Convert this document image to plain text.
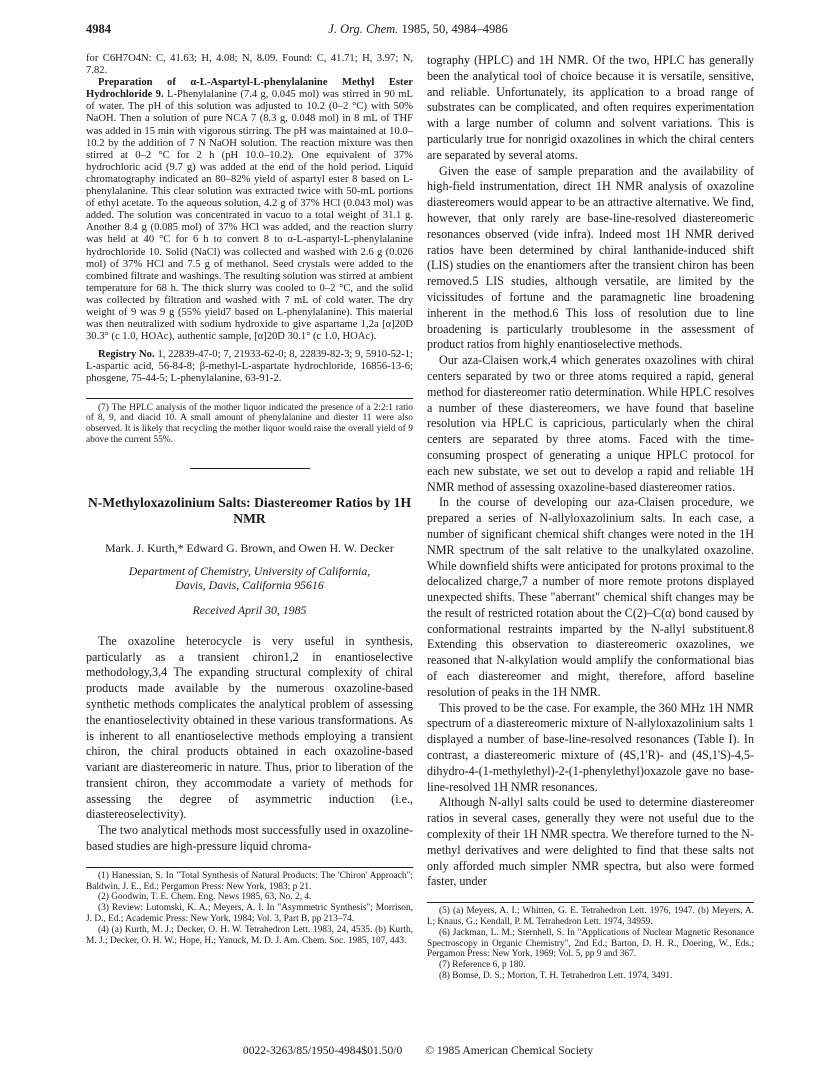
4984	J. Org. Chem. 1985, 50, 4984–4986

for C6H7O4N: C, 41.63; H, 4.08; N, 8.09. Found: C, 41.71; H, 3.97; N, 7.82.

Preparation of α-L-Aspartyl-L-phenylalanine Methyl Ester Hydrochloride 9. L-Phenylalanine (7.4 g, 0.045 mol) was stirred in 90 mL of water. The pH of this solution was adjusted to 10.2 (0–2 °C) with 50% NaOH. Then a solution of pure NCA 7 (8.3 g, 0.048 mol) in 8 mL of THF was added in 15 min with vigorous stirring. The pH was maintained at 10.0–10.2 by the addition of 7 N NaOH solution. The reaction mixture was then stirred at 0–2 °C for 2 h (pH 10.0–10.2). One equivalent of 37% hydrochloric acid (9.7 g) was added at the end of the hold period. Liquid chromatography indicated an 80–82% yield of aspartyl ester 8 based on L-phenylalanine. This clear solution was extracted twice with 50-mL portions of ethyl acetate. To the aqueous solution, 4.2 g of 37% HCl (0.043 mol) was added. The solution was concentrated in vacuo to a total weight of 31.1 g. Another 8.4 g (0.085 mol) of 37% HCl was added, and the reaction slurry was held at 40 °C for 6 h to convert 8 to α-L-aspartyl-L-phenylalanine hydrochloride 10. Solid (NaCl) was collected and washed with 2.6 g (0.026 mol) of 37% HCl and 7.5 g of methanol. Seed crystals were added to the combined filtrate and washings. The resulting solution was stirred at ambient temperature for 68 h. The thick slurry was cooled to 0–2 °C, and the solid was collected by filtration and washed with 7 mL of cold water. The dry weight of 9 was 9 g (55% yield7 based on L-phenylalanine). This material was then neutralized with sodium hydroxide to give aspartame 1,2a [α]20D 30.3° (c 1.0, HOAc), authentic sample, [α]20D 30.1° (c 1.0, HOAc).

Registry No. 1, 22839-47-0; 7, 21933-62-0; 8, 22839-82-3; 9, 5910-52-1; L-aspartic acid, 56-84-8; β-methyl-L-aspartate hydrochloride, 16856-13-6; phosgene, 75-44-5; L-phenylalanine, 63-91-2.

(7) The HPLC analysis of the mother liquor indicated the presence of a 2:2:1 ratio of 8, 9, and diacid 10. A small amount of phenylalanine and diester 11 were also observed. It is likely that recycling the mother liquor would raise the overall yield of 9 above the current 55%.

N-Methyloxazolinium Salts: Diastereomer Ratios by 1H NMR
Mark. J. Kurth,* Edward G. Brown, and Owen H. W. Decker
Department of Chemistry, University of California, Davis, Davis, California 95616
Received April 30, 1985

The oxazoline heterocycle is very useful in synthesis, particularly as a transient chiron1,2 in enantioselective methodology,3,4 The expanding structural complexity of chiral products made available by the numerous oxazoline-based synthetic methods complicates the analytical problem of assessing the enantioselectivity obtained in these various transformations. As is inherent to all enantioselective methods employing a transient chiron, the chiral products obtained in each oxazoline-based variant are diastereomeric in nature. Thus, prior to liberation of the transient chiron, they accommodate a variety of methods for assessing the degree of asymmetric induction (i.e., diastereoselectivity).

The two analytical methods most successfully used in oxazoline-based studies are high-pressure liquid chroma-

(1) Hanessian, S. In "Total Synthesis of Natural Products: The 'Chiron' Approach"; Baldwin, J. E., Ed.; Pergamon Press: New York, 1983; p 21.

(2) Goodwin, T. E. Chem. Eng. News 1985, 63, No. 2, 4.

(3) Review: Lutomski, K. A.; Meyers, A. I. In "Asymmetric Synthesis"; Morrison, J. D., Ed.; Academic Press: New York, 1984; Vol. 3, Part B, pp 213–74.

(4) (a) Kurth, M. J.; Decker, O. H. W. Tetrahedron Lett. 1983, 24, 4535. (b) Kurth, M. J.; Decker, O. H. W.; Hope, H.; Yanuck, M. D. J. Am. Chem. Soc. 1985, 107, 443.

tography (HPLC) and 1H NMR. Of the two, HPLC has generally been the analytical tool of choice because it is versatile, sensitive, and reliable. Unfortunately, its application to a broad range of substrates can be complicated, and often requires experimentation with a large number of column and solvent variations. This is particularly true for nonrigid oxazolines in which the chiral centers are separated by several atoms.

Given the ease of sample preparation and the availability of high-field instrumentation, direct 1H NMR analysis of oxazoline diastereomers would appear to be an attractive alternative. We find, however, that only rarely are base-line-resolved diastereomeric resonances observed (vide infra). Indeed most 1H NMR derived ratios have been determined by chiral lanthanide-induced shift (LIS) studies on the enantiomers after the transient chiron has been removed.5 LIS studies, although versatile, are limited by the vicissitudes of fortune and the paramagnetic line broadening inherent in the method.6 This loss of resolution due to line broadening is particularly troublesome in the assessment of product ratios from highly enantioselective methods.

Our aza-Claisen work,4 which generates oxazolines with chiral centers separated by two or three atoms required a rapid, general method for diastereomer ratio determination. While HPLC resolves a number of these diastereomers, we have found that baseline resolution via HPLC is capricious, particularly when the chiral centers are separated by three atoms. Faced with the time-consuming prospect of generating a unique HPLC protocol for each new substate, we set out to develop a rapid and reliable 1H NMR method of assessing oxazoline-based diastereomer ratios.

In the course of developing our aza-Claisen procedure, we prepared a series of N-allyloxazolinium salts. In each case, a number of significant chemical shift changes were noted in the 1H NMR spectrum of the salt relative to the unalkylated oxazoline. While downfield shifts were anticipated for protons proximal to the delocalized charge,7 a number of more remote protons displayed unexpected shifts. These "aberrant" chemical shift changes may be the result of restricted rotation about the C(2)–C(α) bond caused by conformational restraints imparted by the N-allyl substituent.8 Extending this observation to diastereomeric oxazolines, we reasoned that N-alkylation would amplify the conformational bias of each diastereomer and might, therefore, afford baseline resolution of peaks in the 1H NMR.

This proved to be the case. For example, the 360 MHz 1H NMR spectrum of a diastereomeric mixture of N-allyloxazolinium salts 1 displayed a number of base-line-resolved resonances (Table I). In contrast, a diastereomeric mixture of (4S,1'R)- and (4S,1'S)-4,5-dihydro-4-(1-methylethyl)-2-(1-phenylethyl)oxazole gave no base-line-resolved 1H NMR resonances.

Although N-allyl salts could be used to determine diastereomer ratios in several cases, generally they were not useful due to the complexity of their 1H NMR spectra. We therefore turned to the N-methyl derivatives and were delighted to find that these salts not only afforded much simpler NMR spectra, but also were formed faster, under

(5) (a) Meyers, A. I.; Whitten, G. E. Tetrahedron Lett. 1976, 1947. (b) Meyers, A. I.; Knaus, G.; Kendall, P. M. Tetrahedron Lett. 1974, 34959.

(6) Jackman, L. M.; Sternhell, S. In "Applications of Nuclear Magnetic Resonance Spectroscopy in Organic Chemistry", 2nd Ed.; Barton, D. H. R., Doering, W., Eds.; Pergamon Press: New York, 1969; Vol. 5, pp 9 and 367.

(7) Reference 6, p 180.

(8) Bomse, D. S.; Morton, T. H. Tetrahedron Lett. 1974, 3491.

0022-3263/85/1950-4984$01.50/0 © 1985 American Chemical Society
